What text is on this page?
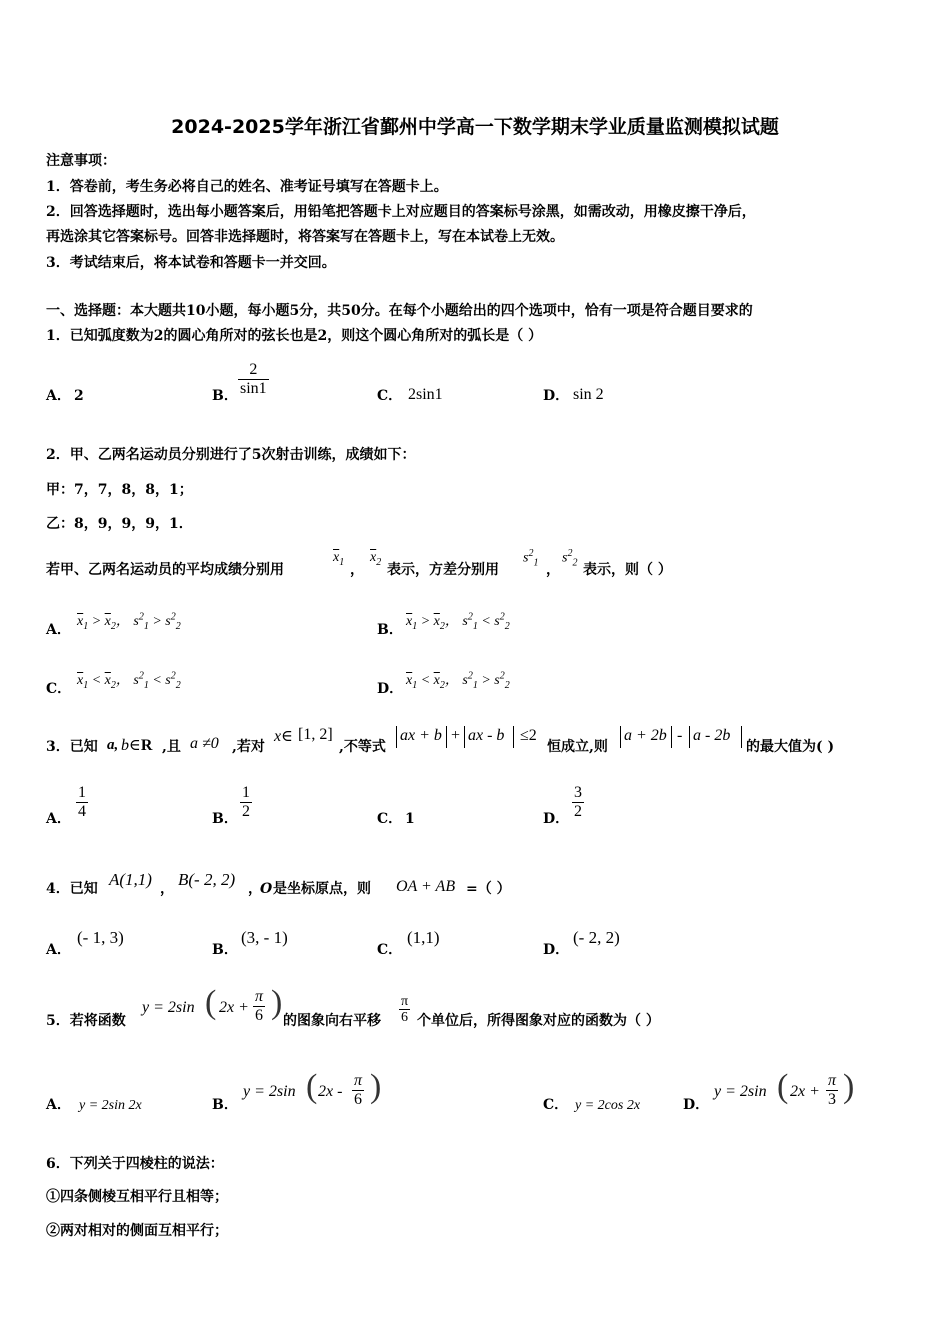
2024-2025学年浙江省鄞州中学高一下数学期末学业质量监测模拟试题
注意事项：
1．答卷前，考生务必将自己的姓名、准考证号填写在答题卡上。
2．回答选择题时，选出每小题答案后，用铅笔把答题卡上对应题目的答案标号涂黑，如需改动，用橡皮擦干净后，
再选涂其它答案标号。回答非选择题时，将答案写在答题卡上，写在本试卷上无效。
3．考试结束后，将本试卷和答题卡一并交回。
一、选择题：本大题共10小题，每小题5分，共50分。在每个小题给出的四个选项中，恰有一项是符合题目要求的
1．已知弧度数为2的圆心角所对的弦长也是2，则这个圆心角所对的弧长是（ ）
A． 2	B． $\frac{2}{\sin 1}$	C． 2sin1	D． sin 2
2．甲、乙两名运动员分别进行了5次射击训练，成绩如下：
甲：7，7，8，8，1；
乙：8，9，9，9，1．
若甲、乙两名运动员的平均成绩分别用
$\overline{x}_1$ ，
$\overline{x}_2$ 表示，方差分别用
$s^2_1$ ，
$s^2_2$ 表示，则（ ）
A．
$\overline{x}_1 > \overline{x}_2$， $s^2_1 > s^2_2$	B．
$\overline{x}_1 > \overline{x}_2$， $s^2_1 < s^2_2$
C．
$\overline{x}_1 < \overline{x}_2$， $s^2_1 < s^2_2$	D．
$\overline{x}_1 < \overline{x}_2$， $s^2_1 > s^2_2$
3．已知 a, b∈R ,且 a ≠0 ,若对
x∈ [1, 2]
,不等式
ax + b + ax - b ≤2
恒成立,则
a + 2b - a - 2b
的最大值为( )
A． $\frac{1}{4}$	B． $\frac{1}{2}$	C． 1	D． $\frac{3}{2}$
4．已知 A(1,1) ， B(- 2, 2) ，
O 是坐标原点，则 OA + AB =（ ）
A．
(- 1, 3)
B．
(3, - 1)
C．
(1,1)
D．
(- 2, 2)
5．若将函数
y = 2sin ( $2x + \frac{\pi}{6}$ ) 的图象向右平移 $\frac{\pi}{6}$ 个单位后，所得图象对应的函数为（ ）
A． y = 2sin 2x	B．
y = 2sin ( $2x - \frac{\pi}{6}$ )	C． y = 2cos 2x	D．
y = 2sin ( $2x + \frac{\pi}{3}$ )
6．下列关于四棱柱的说法：
①四条侧棱互相平行且相等；
②两对相对的侧面互相平行；
